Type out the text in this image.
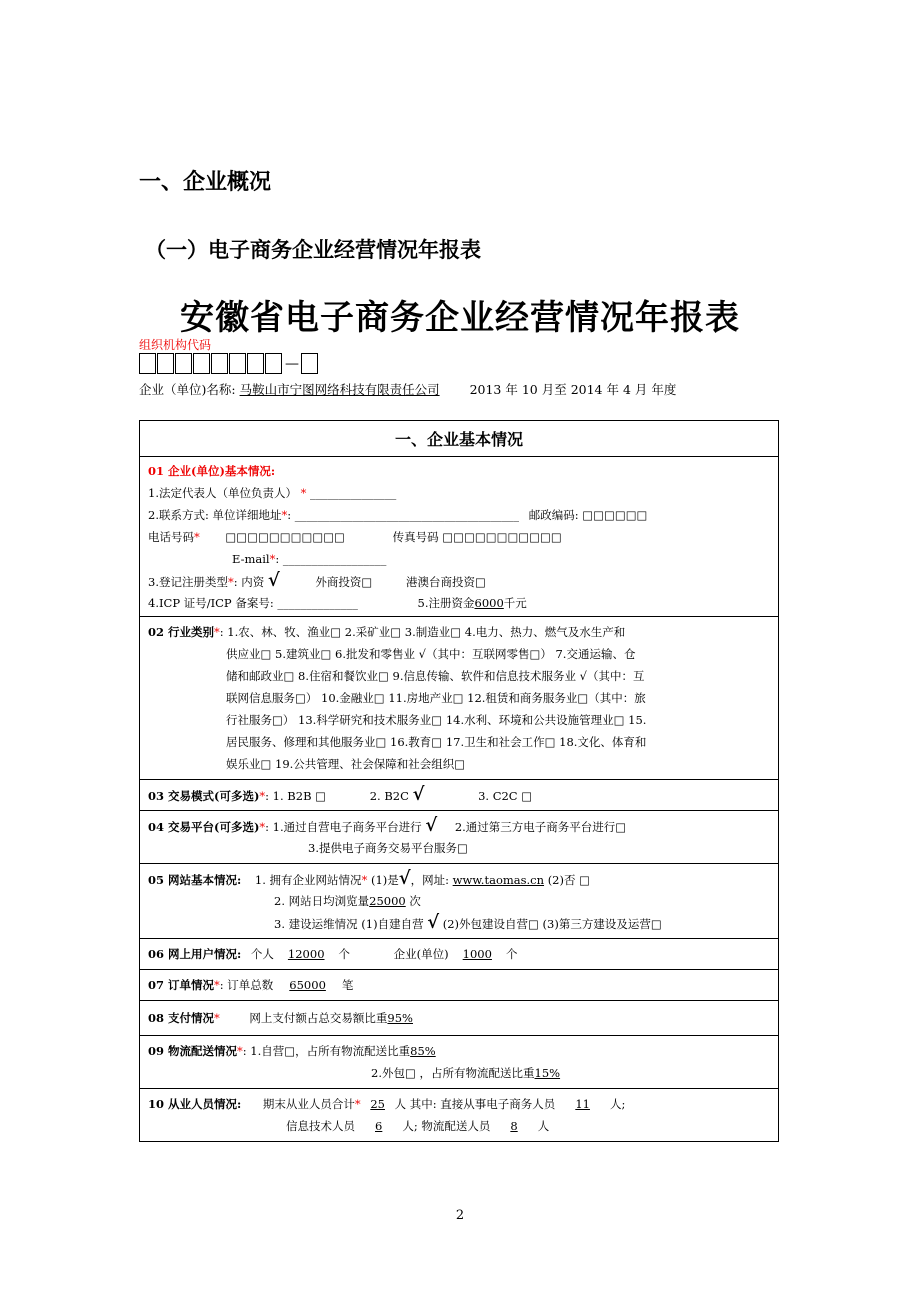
一、企业概况
（一）电子商务企业经营情况年报表
安徽省电子商务企业经营情况年报表
组织机构代码
—
企业（单位)名称: 马鞍山市宁图网络科技有限责任公司 2013 年 10 月至 2014 年 4 月 年度
一、企业基本情况

01 企业(单位)基本情况:
1.法定代表人（单位负责人） * _______________
2.联系方式: 单位详细地址*: _______________________________________ 邮政编码: □□□□□□
电话号码* □□□□□□□□□□□	传真号码 □□□□□□□□□□□
E-mail*: __________________
3.登记注册类型*: 内资 √	外商投资□	港澳台商投资□
4.ICP 证号/ICP 备案号: ______________	5.注册资金6000千元

02 行业类别* : 1.农、林、牧、渔业□ 2.采矿业□ 3.制造业□ 4.电力、热力、燃气及水生产和
供应业□ 5.建筑业□ 6.批发和零售业 √（其中：互联网零售□） 7.交通运输、仓
储和邮政业□ 8.住宿和餐饮业□ 9.信息传输、软件和信息技术服务业 √（其中：互
联网信息服务□） 10.金融业□ 11.房地产业□ 12.租赁和商务服务业□（其中：旅
行社服务□） 13.科学研究和技术服务业□ 14.水利、环境和公共设施管理业□ 15.
居民服务、修理和其他服务业□ 16.教育□ 17.卫生和社会工作□ 18.文化、体育和
娱乐业□ 19.公共管理、社会保障和社会组织□

03 交易模式(可多选)*: 1. B2B □	2. B2C √	3. C2C □

04 交易平台(可多选)*: 1.通过自营电子商务平台进行 √ 2.通过第三方电子商务平台进行□
3.提供电子商务交易平台服务□

05 网站基本情况: 1. 拥有企业网站情况* (1)是√，网址: www.taomas.cn (2)否 □
2. 网站日均浏览量25000 次
3. 建设运维情况 (1)自建自营 √ (2)外包建设自营□ (3)第三方建设及运营□

06 网上用户情况: 个人 12000 个	企业(单位) 1000 个

07 订单情况*: 订单总数 65000 笔

08 支付情况*	网上支付额占总交易额比重95%

09 物流配送情况*: 1.自营□，占所有物流配送比重85%
2.外包□ ，占所有物流配送比重15%

10 从业人员情况: 期末从业人员合计* 25 人 其中: 直接从事电子商务人员 11 人;
信息技术人员 6 人; 物流配送人员 8 人
2
